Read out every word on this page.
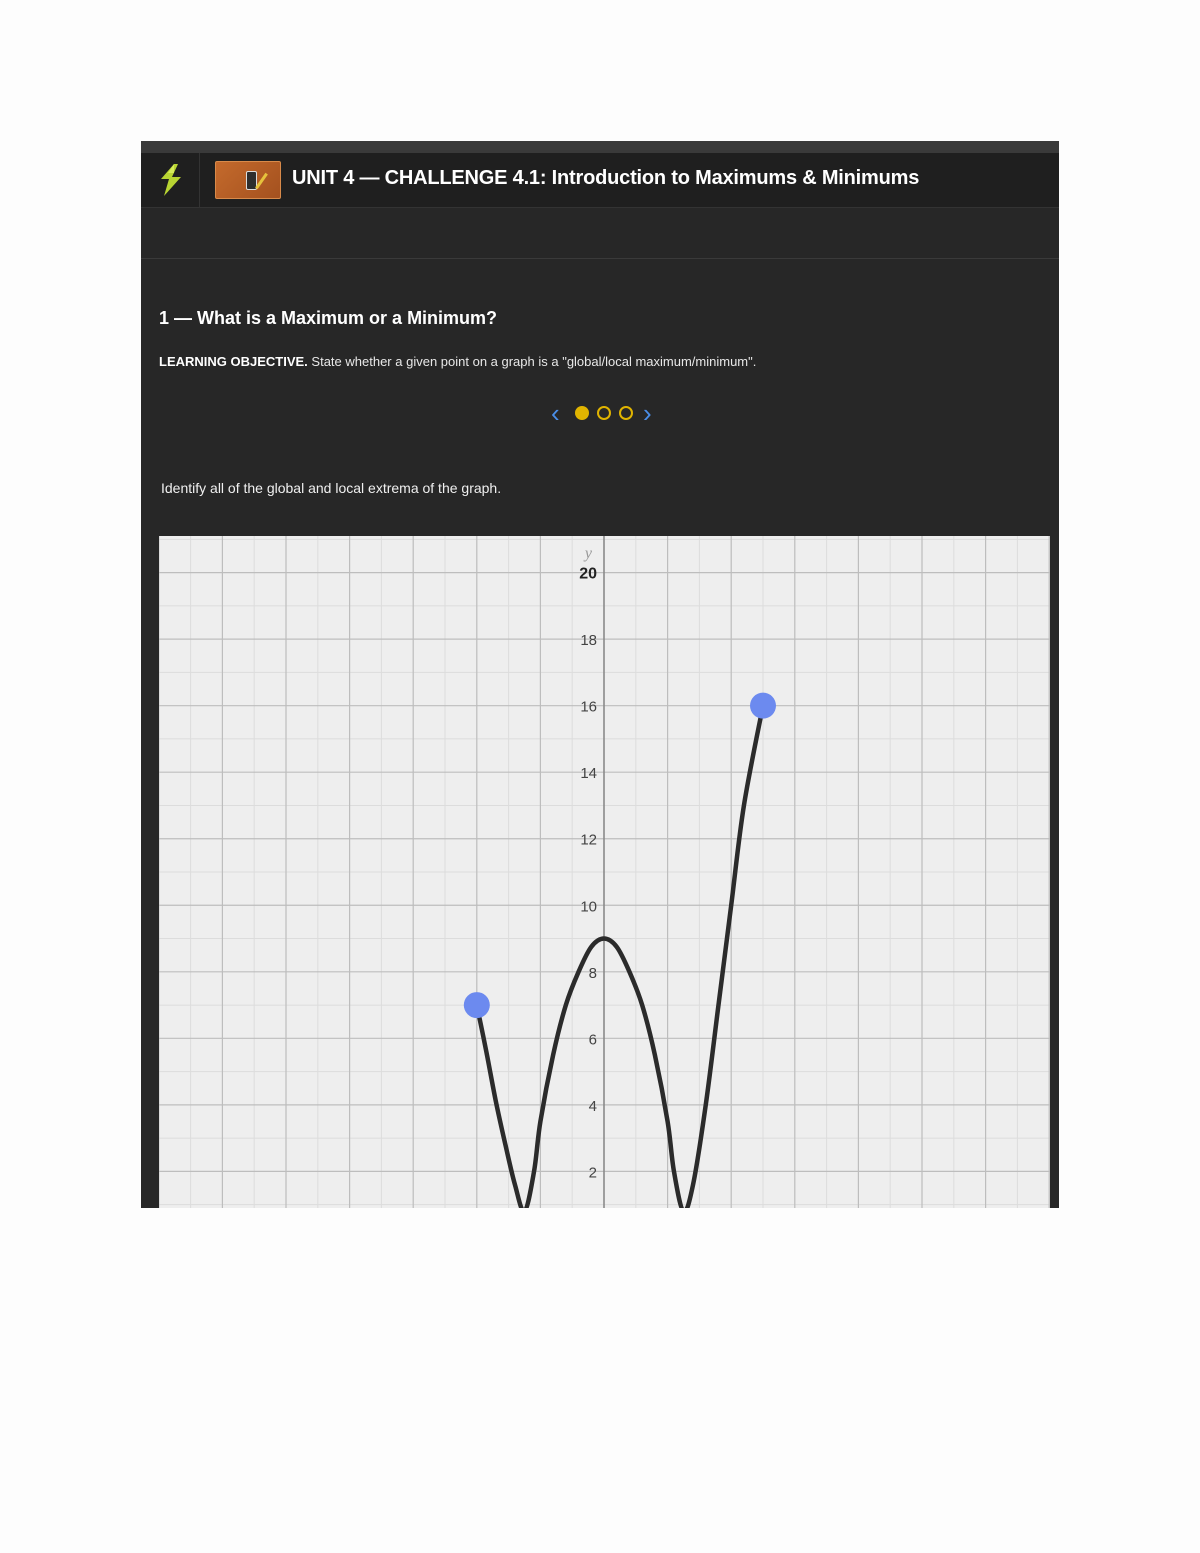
UNIT 4 — CHALLENGE 4.1: Introduction to Maximums & Minimums
1 — What is a Maximum or a Minimum?
LEARNING OBJECTIVE. State whether a given point on a graph is a "global/local maximum/minimum".
‹	›
Identify all of the global and local extrema of the graph.
2
4
6
8
10
12
14
16
18
20
y
